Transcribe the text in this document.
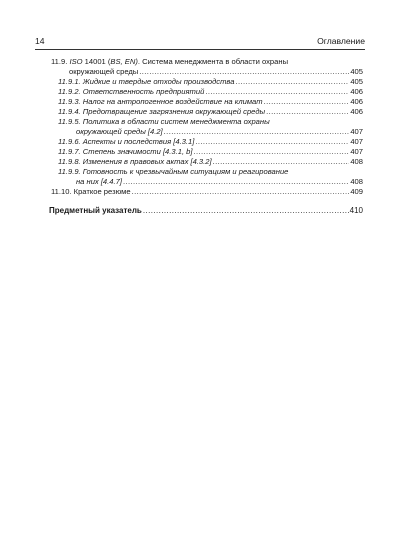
14	Оглавление
11.9. ISO 14001 (BS, EN). Система менеджмента в области охраны
окружающей среды .....	405
11.9.1. Жидкие и твердые отходы производства .....	405
11.9.2. Ответственность предприятий .....	406
11.9.3. Налог на антропогенное воздействие на климат .....	406
11.9.4. Предотвращение загрязнения окружающей среды .....	406
11.9.5. Политика в области систем менеджмента охраны
окружающей среды [4.2] .....	407
11.9.6. Аспекты и последствия [4.3.1] .....	407
11.9.7. Степень значимости [4.3.1, b] .....	407
11.9.8. Изменения в правовых актах [4.3.2] .....	408
11.9.9. Готовность к чрезвычайным ситуациям и реагирование
на них [4.4.7] .....	408
11.10. Краткое резюме .....	409
Предметный указатель .....	410
